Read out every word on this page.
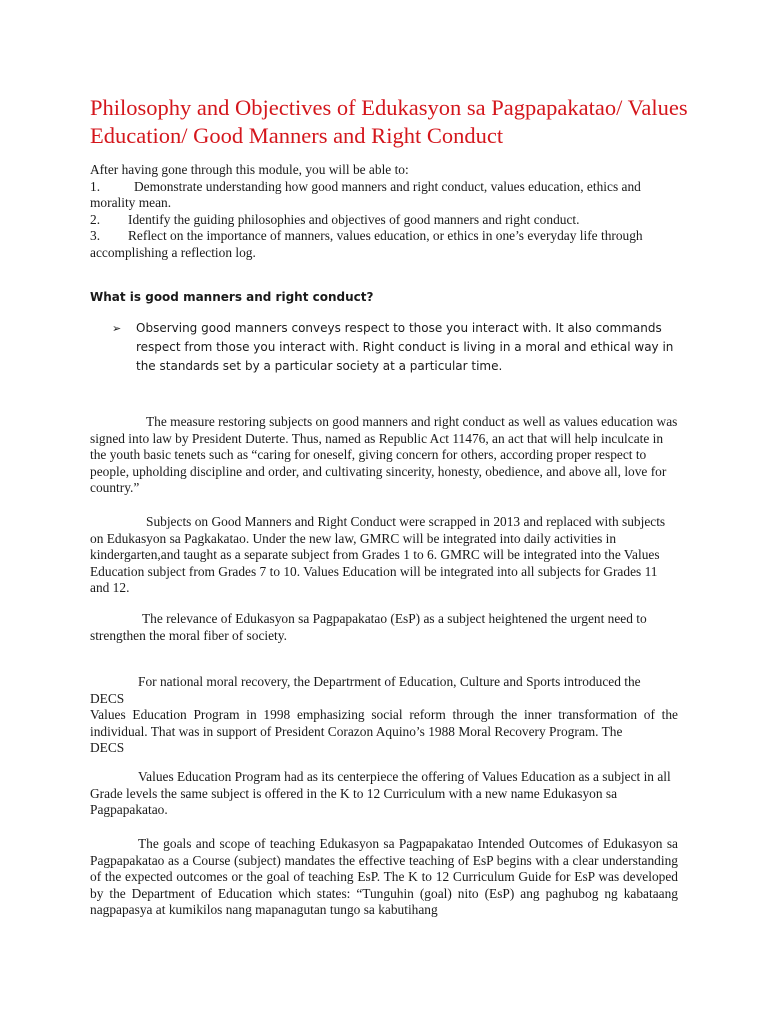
Philosophy and Objectives of Edukasyon sa Pagpapakatao/ Values Education/ Good Manners and Right Conduct
After having gone through this module, you will be able to:
1.	Demonstrate understanding how good manners and right conduct, values education, ethics and morality mean.
2. Identify the guiding philosophies and objectives of good manners and right conduct.
3. Reflect on the importance of manners, values education, or ethics in one’s everyday life through accomplishing a reflection log.
What is good manners and right conduct?
➢	Observing good manners conveys respect to those you interact with. It also commands respect from those you interact with. Right conduct is living in a moral and ethical way in the standards set by a particular society at a particular time.

The measure restoring subjects on good manners and right conduct as well as values education was signed into law by President Duterte. Thus, named as Republic Act 11476, an act that will help inculcate in the youth basic tenets such as “caring for oneself, giving concern for others, according proper respect to people, upholding discipline and order, and cultivating sincerity, honesty, obedience, and above all, love for country.”

Subjects on Good Manners and Right Conduct were scrapped in 2013 and replaced with subjects on Edukasyon sa Pagkakatao. Under the new law, GMRC will be integrated into daily activities in kindergarten,and taught as a separate subject from Grades 1 to 6. GMRC will be integrated into the Values Education subject from Grades 7 to 10. Values Education will be integrated into all subjects for Grades 11 and 12.

The relevance of Edukasyon sa Pagpapakatao (EsP) as a subject heightened the urgent need to strengthen the moral fiber of society.

For national moral recovery, the Departrment of Education, Culture and Sports introduced the
DECS
Values Education Program in 1998 emphasizing social reform through the inner transformation of the individual. That was in support of President Corazon Aquino’s 1988 Moral Recovery Program. The
DECS

Values Education Program had as its centerpiece the offering of Values Education as a subject in all Grade levels the same subject is offered in the K to 12 Curriculum with a new name Edukasyon sa Pagpapakatao.

The goals and scope of teaching Edukasyon sa Pagpapakatao Intended Outcomes of Edukasyon sa Pagpapakatao as a Course (subject) mandates the effective teaching of EsP begins with a clear understanding of the expected outcomes or the goal of teaching EsP. The K to 12 Curriculum Guide for EsP was developed by the Department of Education which states: “Tunguhin (goal) nito (EsP) ang paghubog ng kabataang nagpapasya at kumikilos nang mapanagutan tungo sa kabutihang
